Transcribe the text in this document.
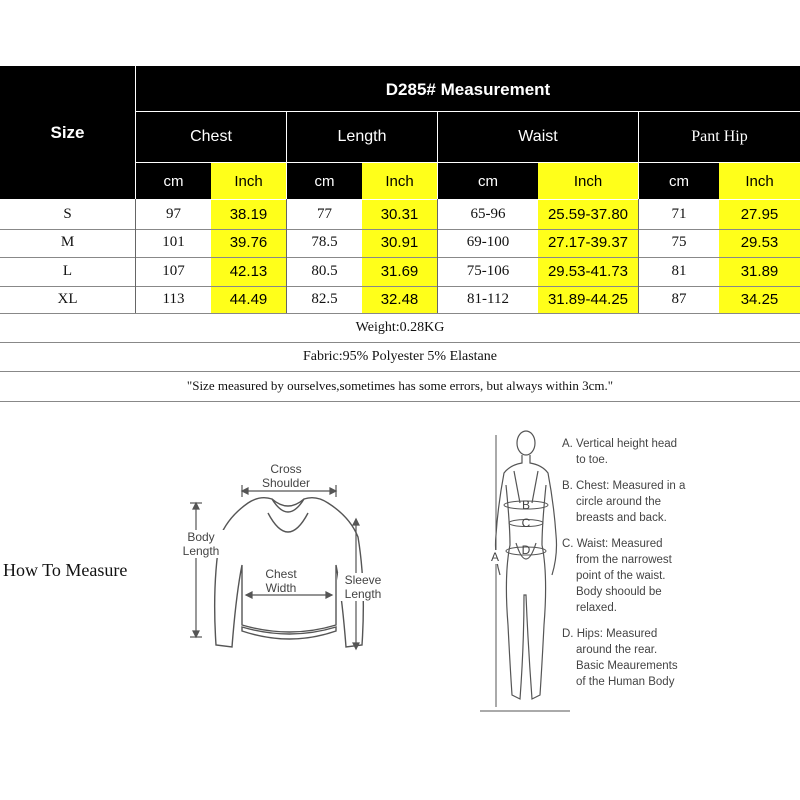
Size
D285# Measurement
Chest	Length	Waist	Pant Hip
cm	Inch	cm	Inch	cm	Inch	cm	Inch
S	97	38.19	77	30.31	65-96	25.59-37.80	71	27.95
M	101	39.76	78.5	30.91	69-100	27.17-39.37	75	29.53
L	107	42.13	80.5	31.69	75-106	29.53-41.73	81	31.89
XL	113	44.49	82.5	32.48	81-112	31.89-44.25	87	34.25
Weight:0.28KG
Fabric:95% Polyester 5% Elastane
"Size measured by ourselves,sometimes has some errors, but always within 3cm."
How To Measure
Cross
Shoulder
Body
Length
Chest
Width
Sleeve
Length
A
B
C
D
A. Vertical height head
to toe.
B. Chest: Measured in a
circle around the
breasts and back.
C. Waist: Measured
from the narrowest
point of the waist.
Body shoould be
relaxed.
D. Hips: Measured
around the rear.
Basic Meaurements
of the Human Body
